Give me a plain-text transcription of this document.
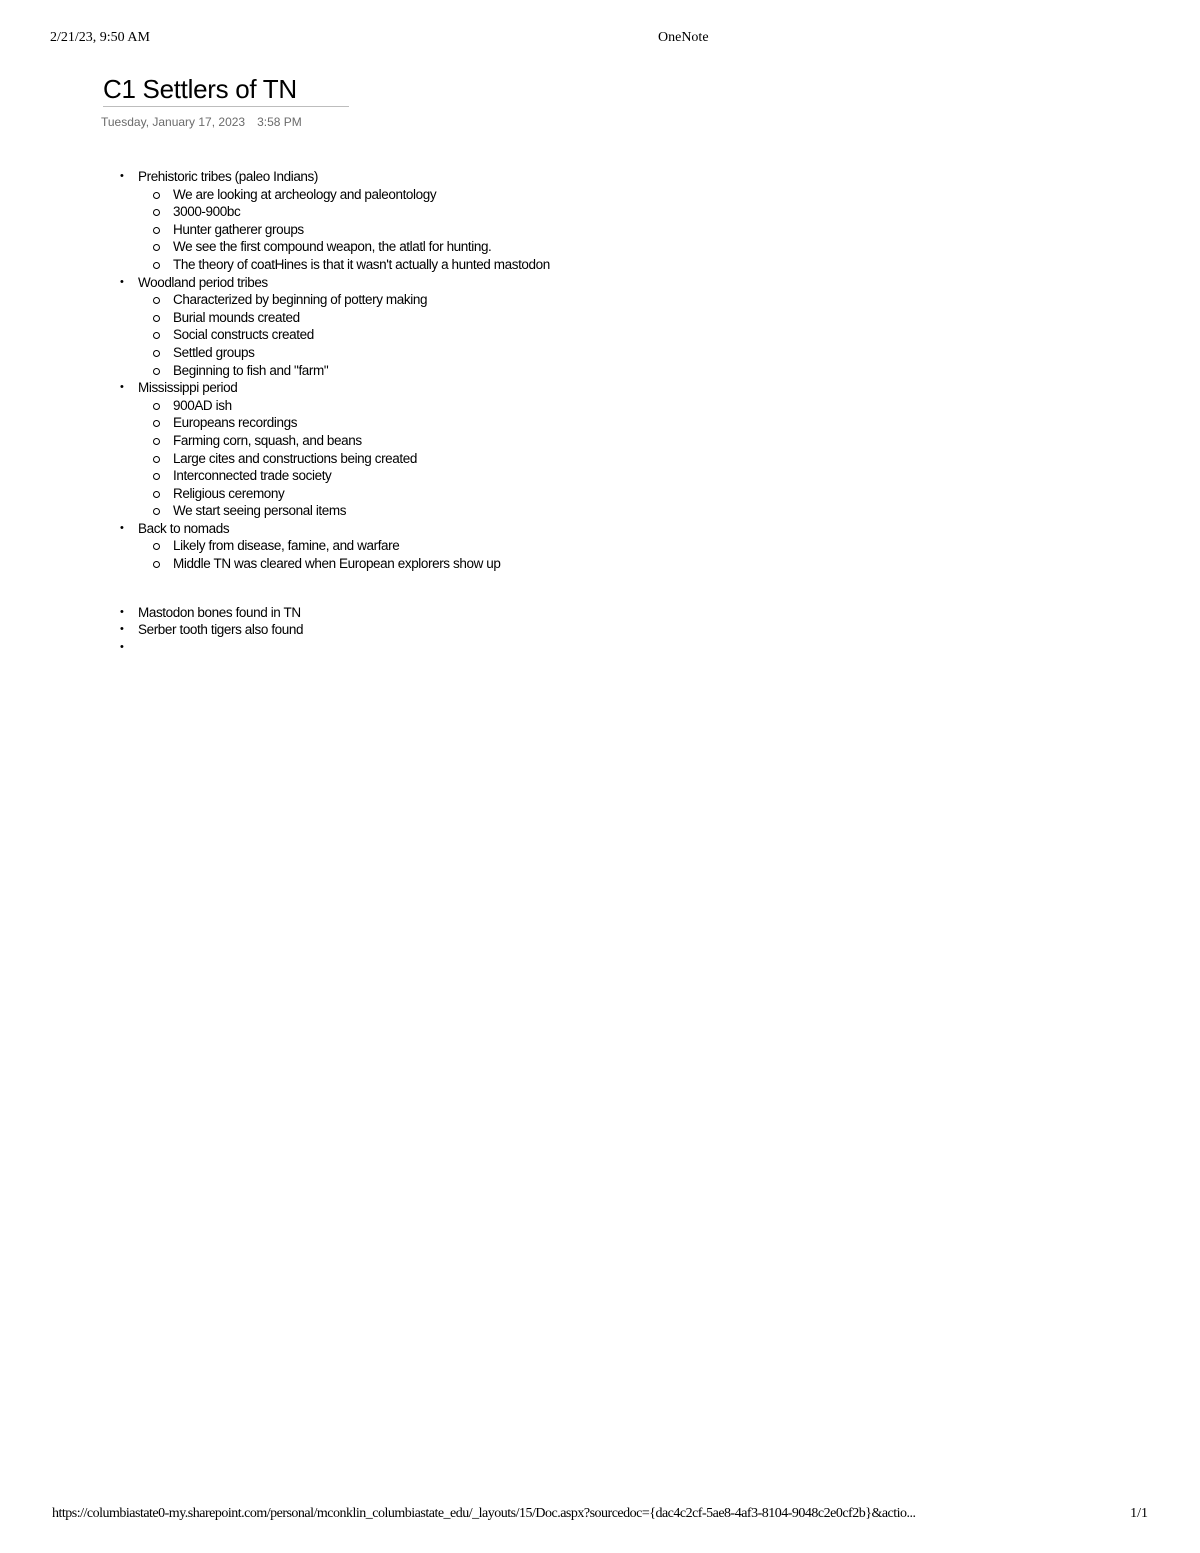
2/21/23, 9:50 AM	OneNote
C1 Settlers of TN
Tuesday, January 17, 2023 3:58 PM
• Prehistoric tribes (paleo Indians)
We are looking at archeology and paleontology
3000-900bc
Hunter gatherer groups
We see the first compound weapon, the atlatl for hunting.
The theory of coatHines is that it wasn't actually a hunted mastodon
• Woodland period tribes
Characterized by beginning of pottery making
Burial mounds created
Social constructs created
Settled groups
Beginning to fish and "farm"
• Mississippi period
900AD ish
Europeans recordings
Farming corn, squash, and beans
Large cites and constructions being created
Interconnected trade society
Religious ceremony
We start seeing personal items
• Back to nomads
Likely from disease, famine, and warfare
Middle TN was cleared when European explorers show up
• Mastodon bones found in TN
• Serber tooth tigers also found
•

https://columbiastate0-my.sharepoint.com/personal/mconklin_columbiastate_edu/_layouts/15/Doc.aspx?sourcedoc={dac4c2cf-5ae8-4af3-8104-9048c2e0cf2b}&actio...	1/1
